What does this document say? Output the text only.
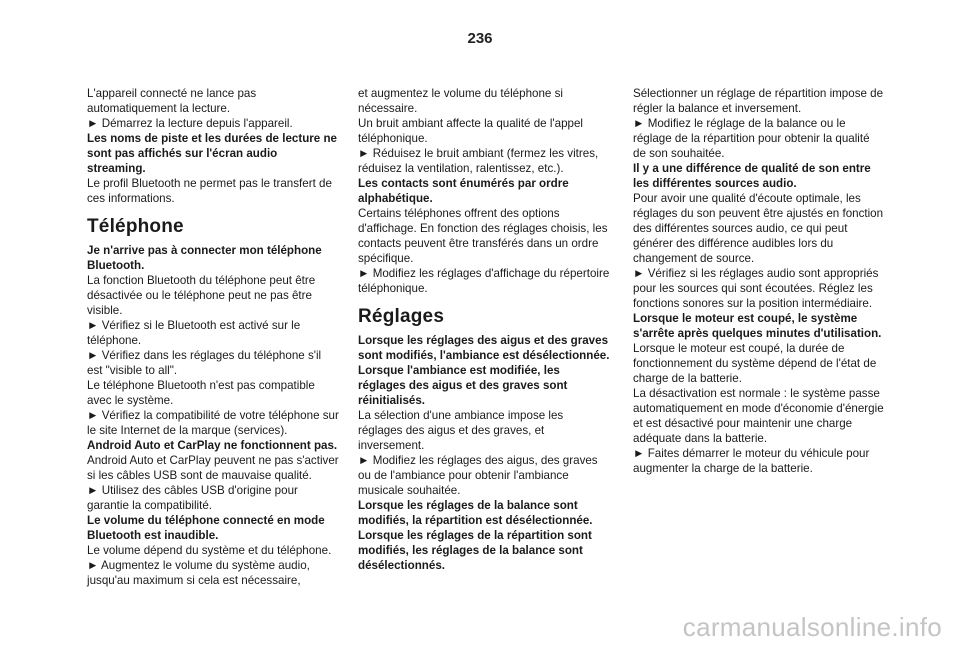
236
L'appareil connecté ne lance pas automatiquement la lecture.
► Démarrez la lecture depuis l'appareil.
Les noms de piste et les durées de lecture ne sont pas affichés sur l'écran audio streaming.
Le profil Bluetooth ne permet pas le transfert de ces informations.
Téléphone
Je n'arrive pas à connecter mon téléphone Bluetooth.
La fonction Bluetooth du téléphone peut être désactivée ou le téléphone peut ne pas être visible.
► Vérifiez si le Bluetooth est activé sur le téléphone.
► Vérifiez dans les réglages du téléphone s'il est "visible to all".
Le téléphone Bluetooth n'est pas compatible avec le système.
► Vérifiez la compatibilité de votre téléphone sur le site Internet de la marque (services).
Android Auto et CarPlay ne fonctionnent pas.
Android Auto et CarPlay peuvent ne pas s'activer si les câbles USB sont de mauvaise qualité.
► Utilisez des câbles USB d'origine pour garantie la compatibilité.
Le volume du téléphone connecté en mode Bluetooth est inaudible.
Le volume dépend du système et du téléphone.
► Augmentez le volume du système audio, jusqu'au maximum si cela est nécessaire,
et augmentez le volume du téléphone si nécessaire.
Un bruit ambiant affecte la qualité de l'appel téléphonique.
► Réduisez le bruit ambiant (fermez les vitres, réduisez la ventilation, ralentissez, etc.).
Les contacts sont énumérés par ordre alphabétique.
Certains téléphones offrent des options d'affichage. En fonction des réglages choisis, les contacts peuvent être transférés dans un ordre spécifique.
► Modifiez les réglages d'affichage du répertoire téléphonique.
Réglages
Lorsque les réglages des aigus et des graves sont modifiés, l'ambiance est désélectionnée.
Lorsque l'ambiance est modifiée, les réglages des aigus et des graves sont réinitialisés.
La sélection d'une ambiance impose les réglages des aigus et des graves, et inversement.
► Modifiez les réglages des aigus, des graves ou de l'ambiance pour obtenir l'ambiance musicale souhaitée.
Lorsque les réglages de la balance sont modifiés, la répartition est désélectionnée.
Lorsque les réglages de la répartition sont modifiés, les réglages de la balance sont désélectionnés.
Sélectionner un réglage de répartition impose de régler la balance et inversement.
► Modifiez le réglage de la balance ou le réglage de la répartition pour obtenir la qualité de son souhaitée.
Il y a une différence de qualité de son entre les différentes sources audio.
Pour avoir une qualité d'écoute optimale, les réglages du son peuvent être ajustés en fonction des différentes sources audio, ce qui peut générer des différence audibles lors du changement de source.
► Vérifiez si les réglages audio sont appropriés pour les sources qui sont écoutées. Réglez les fonctions sonores sur la position intermédiaire.
Lorsque le moteur est coupé, le système s'arrête après quelques minutes d'utilisation.
Lorsque le moteur est coupé, la durée de fonctionnement du système dépend de l'état de charge de la batterie.
La désactivation est normale : le système passe automatiquement en mode d'économie d'énergie et est désactivé pour maintenir une charge adéquate dans la batterie.
► Faites démarrer le moteur du véhicule pour augmenter la charge de la batterie.
carmanualsonline.info
